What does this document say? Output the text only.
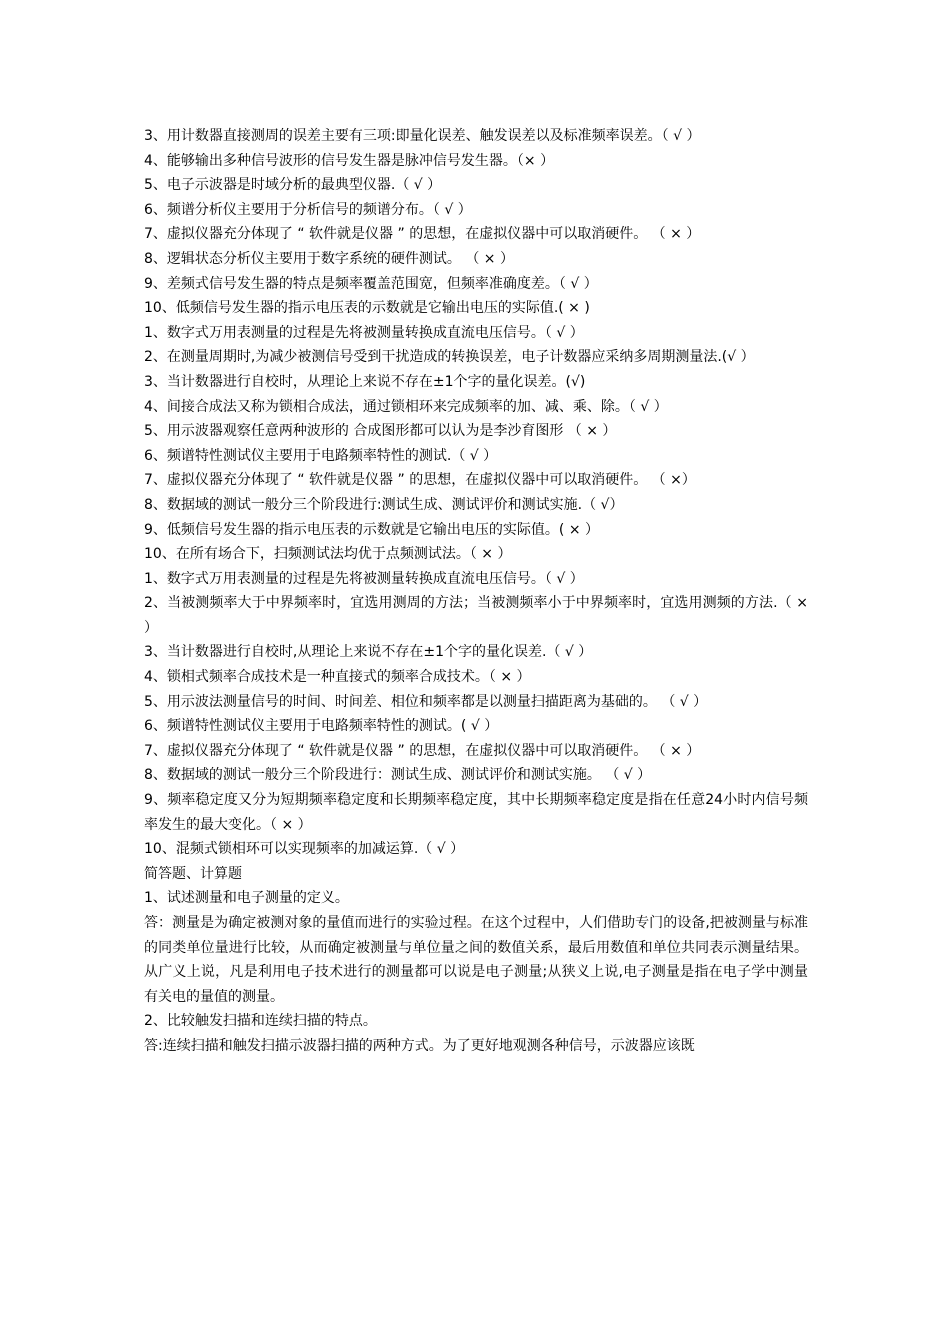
3、用计数器直接测周的误差主要有三项:即量化误差、触发误差以及标准频率误差。（ √ ）

4、能够输出多种信号波形的信号发生器是脉冲信号发生器。（× ）

5、电子示波器是时域分析的最典型仪器.（ √ ）

6、频谱分析仪主要用于分析信号的频谱分布。（ √ ）

7、虚拟仪器充分体现了 “ 软件就是仪器 ” 的思想，在虚拟仪器中可以取消硬件。 （ × ）

8、逻辑状态分析仪主要用于数字系统的硬件测试。 （ × ）

9、差频式信号发生器的特点是频率覆盖范围宽，但频率准确度差。（ √ ）

10、低频信号发生器的指示电压表的示数就是它输出电压的实际值.( × )

1、数字式万用表测量的过程是先将被测量转换成直流电压信号。（ √ ）

2、在测量周期时,为减少被测信号受到干扰造成的转换误差，电子计数器应采纳多周期测量法.(√ ）

3、当计数器进行自校时，从理论上来说不存在±1个字的量化误差。(√)

4、间接合成法又称为锁相合成法，通过锁相环来完成频率的加、减、乘、除。（ √ ）

5、用示波器观察任意两种波形的 合成图形都可以认为是李沙育图形 （ × ）

6、频谱特性测试仪主要用于电路频率特性的测试.（ √ ）

7、虚拟仪器充分体现了 “ 软件就是仪器 ” 的思想，在虚拟仪器中可以取消硬件。 （ ×）

8、数据域的测试一般分三个阶段进行:测试生成、测试评价和测试实施.（ √）

9、低频信号发生器的指示电压表的示数就是它输出电压的实际值。( × ）

10、在所有场合下，扫频测试法均优于点频测试法。（ × ）

1、数字式万用表测量的过程是先将被测量转换成直流电压信号。（ √ ）

2、当被测频率大于中界频率时，宜选用测周的方法；当被测频率小于中界频率时，宜选用测频的方法.（ × ）

3、当计数器进行自校时,从理论上来说不存在±1个字的量化误差.（ √ ）

4、锁相式频率合成技术是一种直接式的频率合成技术。（ × ）

5、用示波法测量信号的时间、时间差、相位和频率都是以测量扫描距离为基础的。 （ √ ）

6、频谱特性测试仪主要用于电路频率特性的测试。( √ ）

7、虚拟仪器充分体现了 “ 软件就是仪器 ” 的思想，在虚拟仪器中可以取消硬件。 （ × ）

8、数据域的测试一般分三个阶段进行：测试生成、测试评价和测试实施。 （ √ ）

9、频率稳定度又分为短期频率稳定度和长期频率稳定度，其中长期频率稳定度是指在任意24小时内信号频率发生的最大变化。（ × ）

10、混频式锁相环可以实现频率的加减运算.（ √ ）

简答题、计算题

1、试述测量和电子测量的定义。

答：测量是为确定被测对象的量值而进行的实验过程。在这个过程中，人们借助专门的设备,把被测量与标准的同类单位量进行比较，从而确定被测量与单位量之间的数值关系，最后用数值和单位共同表示测量结果。从广义上说，凡是利用电子技术进行的测量都可以说是电子测量;从狭义上说,电子测量是指在电子学中测量有关电的量值的测量。

2、比较触发扫描和连续扫描的特点。

答:连续扫描和触发扫描示波器扫描的两种方式。为了更好地观测各种信号，示波器应该既
